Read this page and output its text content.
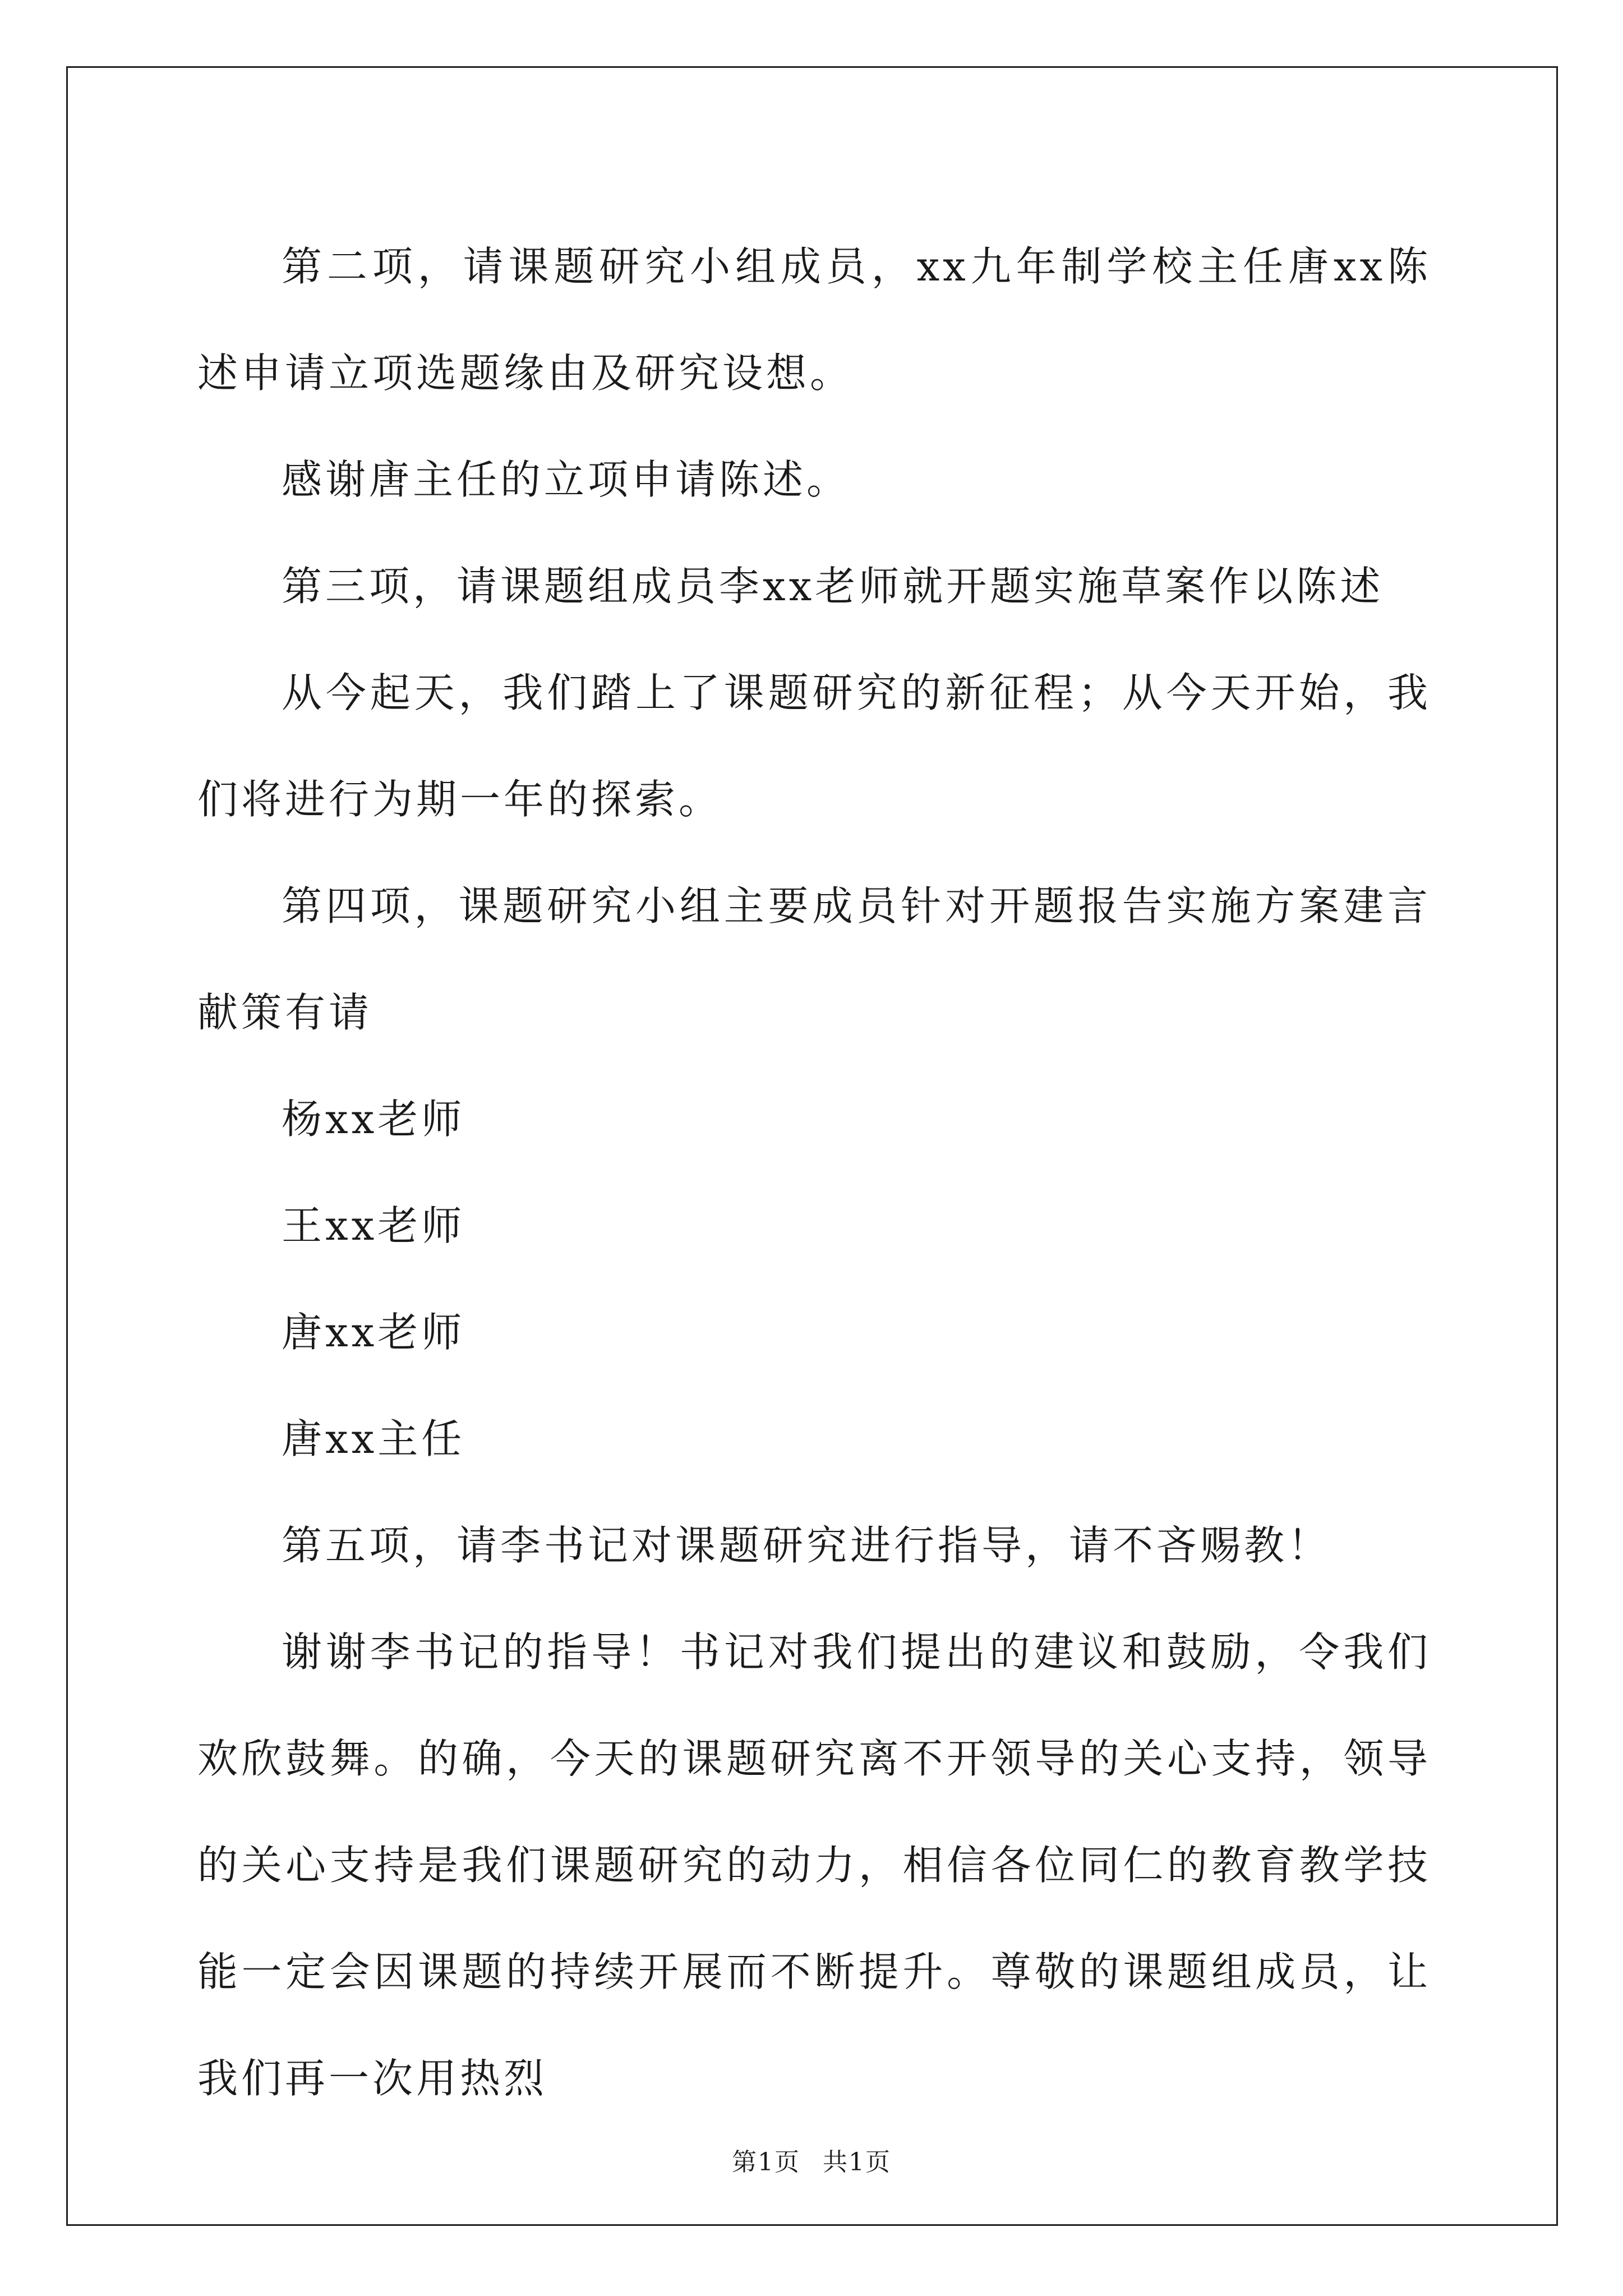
第二项，请课题研究小组成员，xx九年制学校主任唐xx陈述申请立项选题缘由及研究设想。

感谢唐主任的立项申请陈述。

第三项，请课题组成员李xx老师就开题实施草案作以陈述

从今起天，我们踏上了课题研究的新征程；从今天开始，我们将进行为期一年的探索。

第四项，课题研究小组主要成员针对开题报告实施方案建言献策有请

杨xx老师

王xx老师

唐xx老师

唐xx主任

第五项，请李书记对课题研究进行指导，请不吝赐教！

谢谢李书记的指导！书记对我们提出的建议和鼓励，令我们欢欣鼓舞。的确，今天的课题研究离不开领导的关心支持，领导的关心支持是我们课题研究的动力，相信各位同仁的教育教学技能一定会因课题的持续开展而不断提升。尊敬的课题组成员，让我们再一次用热烈

第1页 共1页
